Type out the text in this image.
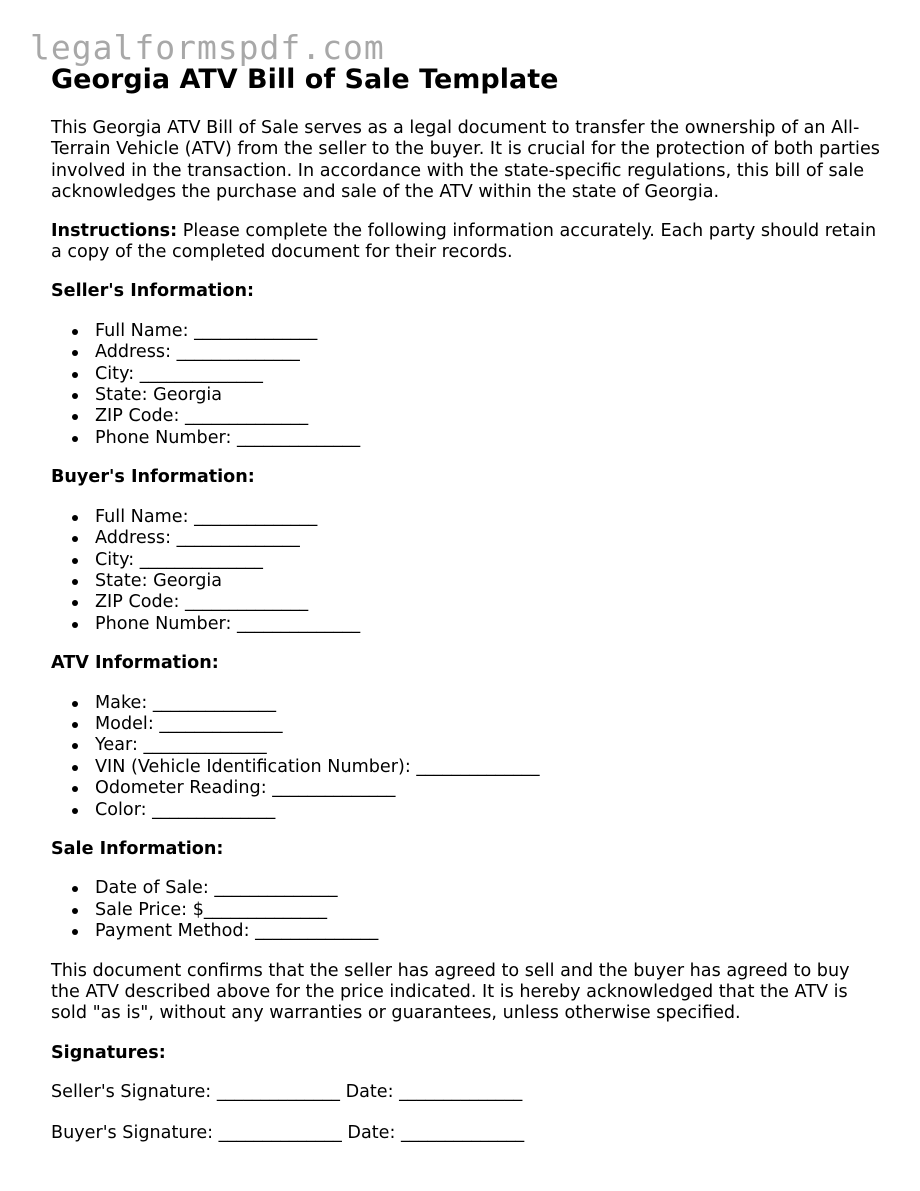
legalformspdf.com
Georgia ATV Bill of Sale Template

This Georgia ATV Bill of Sale serves as a legal document to transfer the ownership of an All-Terrain Vehicle (ATV) from the seller to the buyer. It is crucial for the protection of both parties involved in the transaction. In accordance with the state-specific regulations, this bill of sale acknowledges the purchase and sale of the ATV within the state of Georgia.

Instructions: Please complete the following information accurately. Each party should retain a copy of the completed document for their records.

Seller's Information:
Full Name: ______________
Address: ______________
City: ______________
State: Georgia
ZIP Code: ______________
Phone Number: ______________
Buyer's Information:
Full Name: ______________
Address: ______________
City: ______________
State: Georgia
ZIP Code: ______________
Phone Number: ______________
ATV Information:
Make: ______________
Model: ______________
Year: ______________
VIN (Vehicle Identification Number): ______________
Odometer Reading: ______________
Color: ______________
Sale Information:
Date of Sale: ______________
Sale Price: $______________
Payment Method: ______________

This document confirms that the seller has agreed to sell and the buyer has agreed to buy the ATV described above for the price indicated. It is hereby acknowledged that the ATV is sold "as is", without any warranties or guarantees, unless otherwise specified.

Signatures:

Seller's Signature: ______________ Date: ______________

Buyer's Signature: ______________ Date: ______________
